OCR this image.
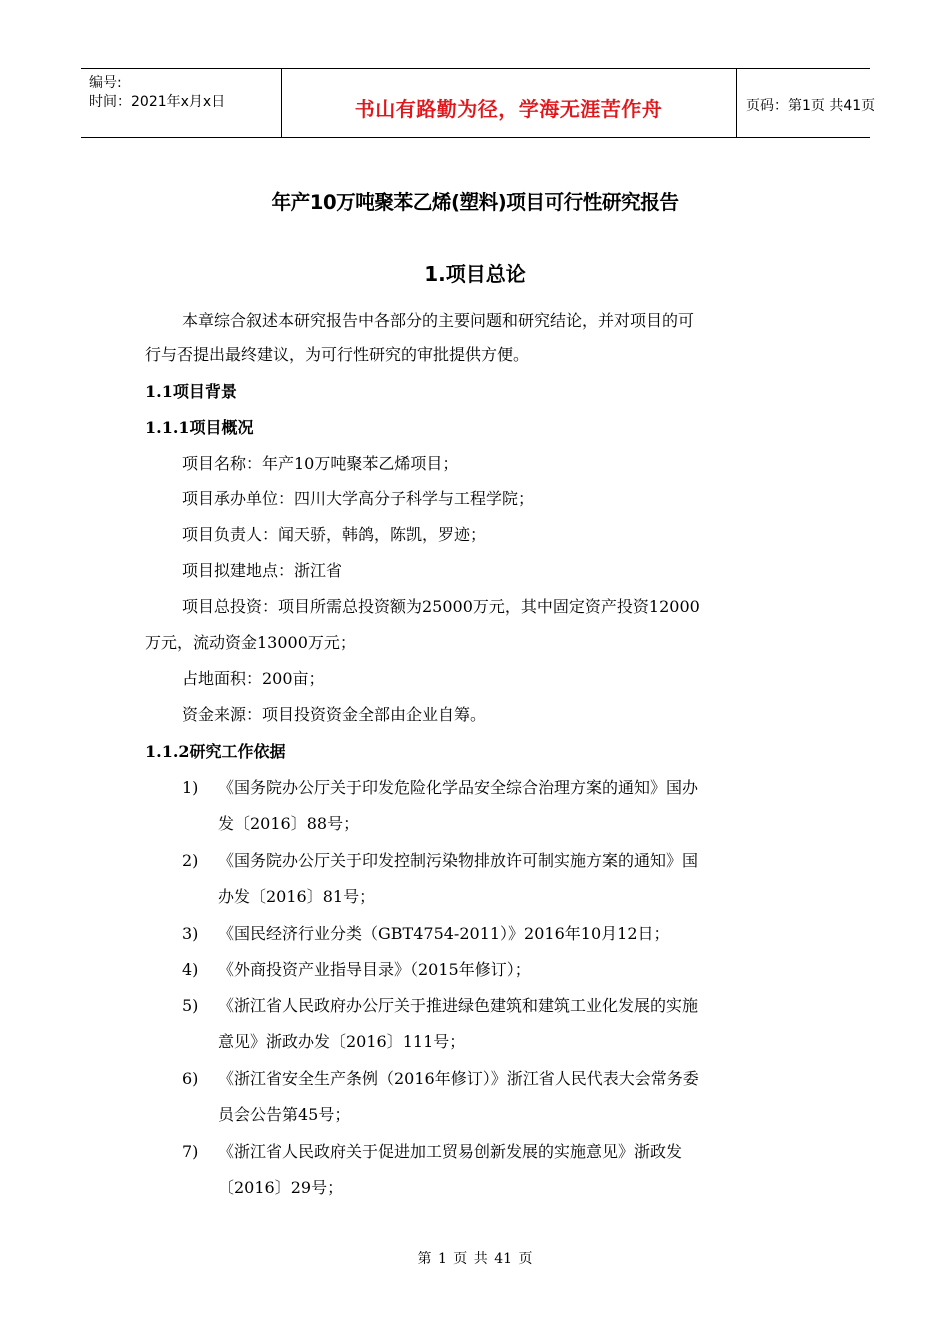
编号:
时间：2021年x月x日	书山有路勤为径，学海无涯苦作舟	页码：第1页 共41页
年产10万吨聚苯乙烯(塑料)项目可行性研究报告
1.项目总论
本章综合叙述本研究报告中各部分的主要问题和研究结论，并对项目的可
行与否提出最终建议，为可行性研究的审批提供方便。
1.1项目背景
1.1.1项目概况
项目名称：年产10万吨聚苯乙烯项目；
项目承办单位：四川大学高分子科学与工程学院；
项目负责人：闻天骄，韩鸽，陈凯，罗迹；
项目拟建地点：浙江省
项目总投资：项目所需总投资额为25000万元，其中固定资产投资12000
万元，流动资金13000万元；
占地面积：200亩；
资金来源：项目投资资金全部由企业自筹。
1.1.2研究工作依据
1) 《国务院办公厅关于印发危险化学品安全综合治理方案的通知》国办
发〔2016〕88号；
2) 《国务院办公厅关于印发控制污染物排放许可制实施方案的通知》国
办发〔2016〕81号；
3) 《国民经济行业分类（GBT4754-2011）》2016年10月12日；
4) 《外商投资产业指导目录》（2015年修订）；
5) 《浙江省人民政府办公厅关于推进绿色建筑和建筑工业化发展的实施
意见》浙政办发〔2016〕111号；
6) 《浙江省安全生产条例（2016年修订）》浙江省人民代表大会常务委
员会公告第45号；
7) 《浙江省人民政府关于促进加工贸易创新发展的实施意见》浙政发
〔2016〕29号；
第 1 页 共 41 页
